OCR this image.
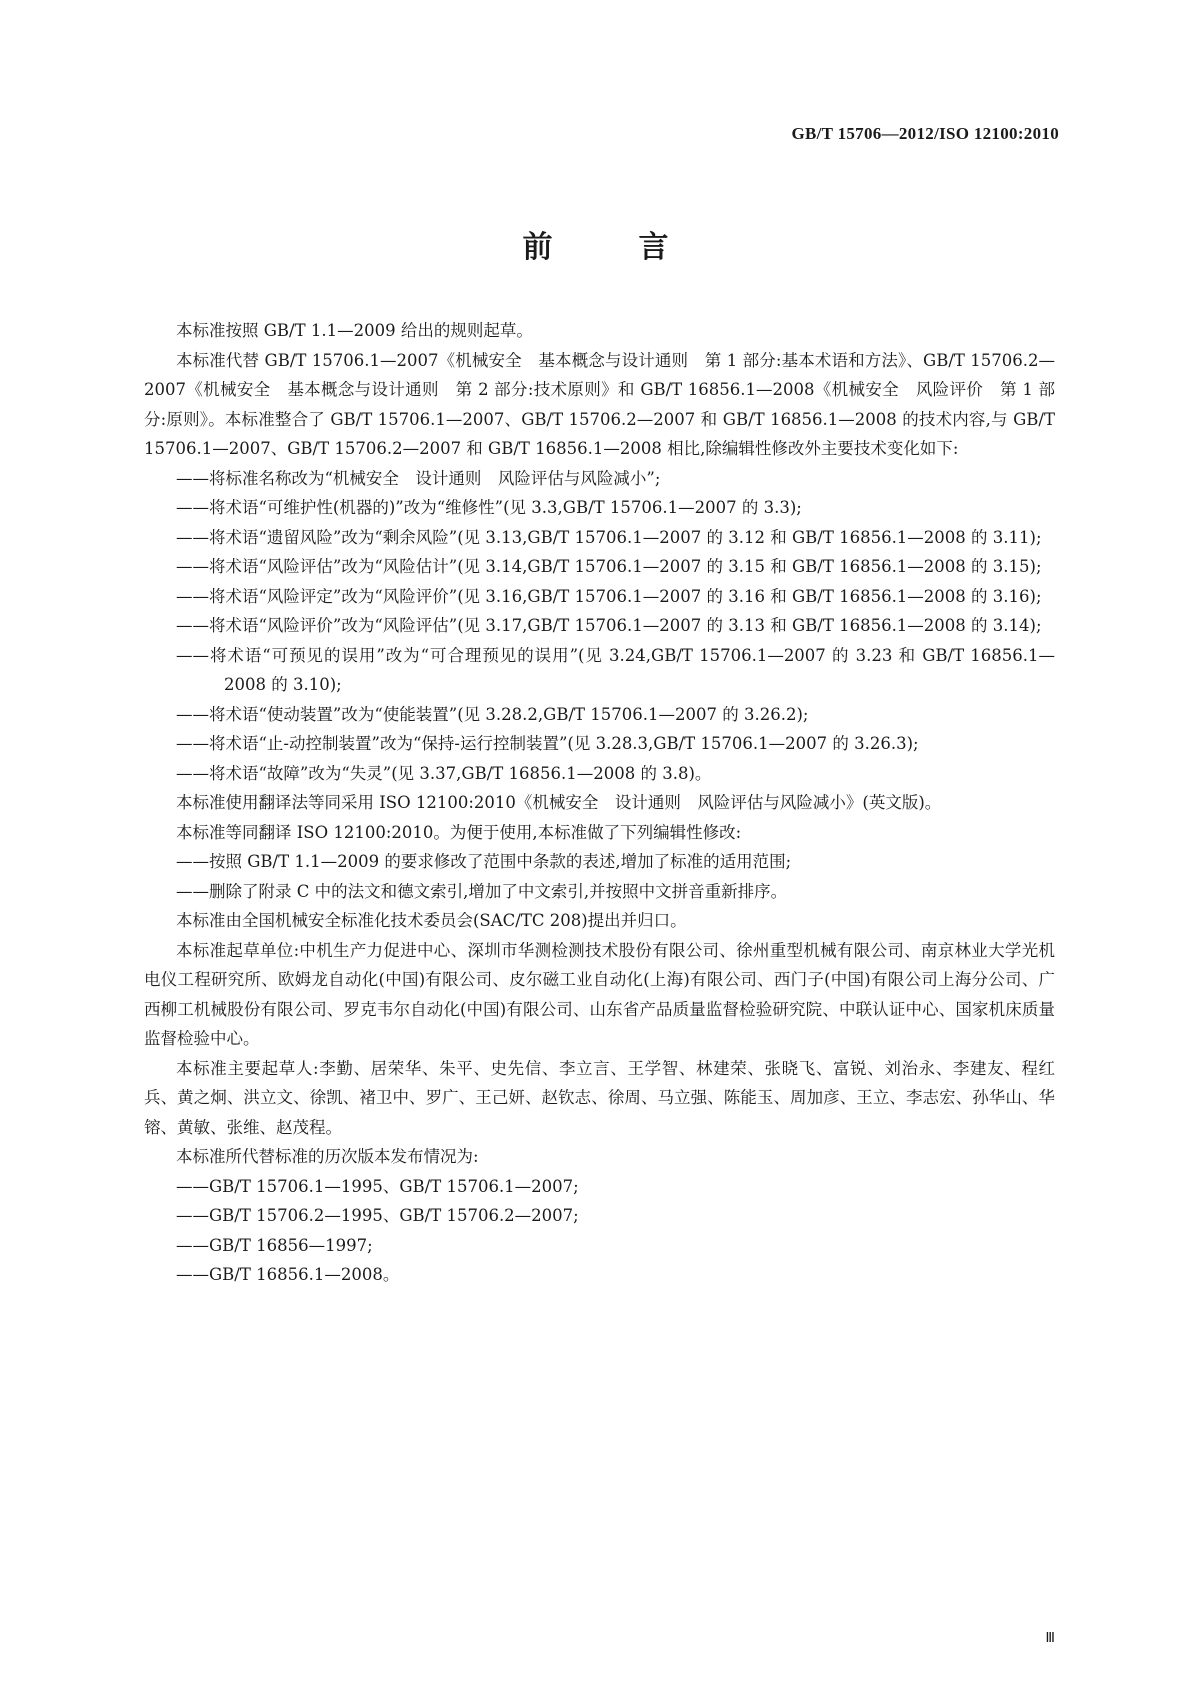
GB/T 15706—2012/ISO 12100:2010
前　言

本标准按照 GB/T 1.1—2009 给出的规则起草。

本标准代替 GB/T 15706.1—2007《机械安全　基本概念与设计通则　第 1 部分:基本术语和方法》、GB/T 15706.2—2007《机械安全　基本概念与设计通则　第 2 部分:技术原则》和 GB/T 16856.1—2008《机械安全　风险评价　第 1 部分:原则》。本标准整合了 GB/T 15706.1—2007、GB/T 15706.2—2007 和 GB/T 16856.1—2008 的技术内容,与 GB/T 15706.1—2007、GB/T 15706.2—2007 和 GB/T 16856.1—2008 相比,除编辑性修改外主要技术变化如下:

——将标准名称改为“机械安全　设计通则　风险评估与风险减小”;

——将术语“可维护性(机器的)”改为“维修性”(见 3.3,GB/T 15706.1—2007 的 3.3);

——将术语“遗留风险”改为“剩余风险”(见 3.13,GB/T 15706.1—2007 的 3.12 和 GB/T 16856.1—2008 的 3.11);

——将术语“风险评估”改为“风险估计”(见 3.14,GB/T 15706.1—2007 的 3.15 和 GB/T 16856.1—2008 的 3.15);

——将术语“风险评定”改为“风险评价”(见 3.16,GB/T 15706.1—2007 的 3.16 和 GB/T 16856.1—2008 的 3.16);

——将术语“风险评价”改为“风险评估”(见 3.17,GB/T 15706.1—2007 的 3.13 和 GB/T 16856.1—2008 的 3.14);

——将术语“可预见的误用”改为“可合理预见的误用”(见 3.24,GB/T 15706.1—2007 的 3.23 和 GB/T 16856.1—2008 的 3.10);

——将术语“使动装置”改为“使能装置”(见 3.28.2,GB/T 15706.1—2007 的 3.26.2);

——将术语“止-动控制装置”改为“保持-运行控制装置”(见 3.28.3,GB/T 15706.1—2007 的 3.26.3);

——将术语“故障”改为“失灵”(见 3.37,GB/T 16856.1—2008 的 3.8)。

本标准使用翻译法等同采用 ISO 12100:2010《机械安全　设计通则　风险评估与风险减小》(英文版)。

本标准等同翻译 ISO 12100:2010。为便于使用,本标准做了下列编辑性修改:

——按照 GB/T 1.1—2009 的要求修改了范围中条款的表述,增加了标准的适用范围;

——删除了附录 C 中的法文和德文索引,增加了中文索引,并按照中文拼音重新排序。

本标准由全国机械安全标准化技术委员会(SAC/TC 208)提出并归口。

本标准起草单位:中机生产力促进中心、深圳市华测检测技术股份有限公司、徐州重型机械有限公司、南京林业大学光机电仪工程研究所、欧姆龙自动化(中国)有限公司、皮尔磁工业自动化(上海)有限公司、西门子(中国)有限公司上海分公司、广西柳工机械股份有限公司、罗克韦尔自动化(中国)有限公司、山东省产品质量监督检验研究院、中联认证中心、国家机床质量监督检验中心。

本标准主要起草人:李勤、居荣华、朱平、史先信、李立言、王学智、林建荣、张晓飞、富锐、刘治永、李建友、程红兵、黄之炯、洪立文、徐凯、褚卫中、罗广、王己妍、赵钦志、徐周、马立强、陈能玉、周加彦、王立、李志宏、孙华山、华镕、黄敏、张维、赵茂程。

本标准所代替标准的历次版本发布情况为:

——GB/T 15706.1—1995、GB/T 15706.1—2007;

——GB/T 15706.2—1995、GB/T 15706.2—2007;

——GB/T 16856—1997;

——GB/T 16856.1—2008。

Ⅲ
